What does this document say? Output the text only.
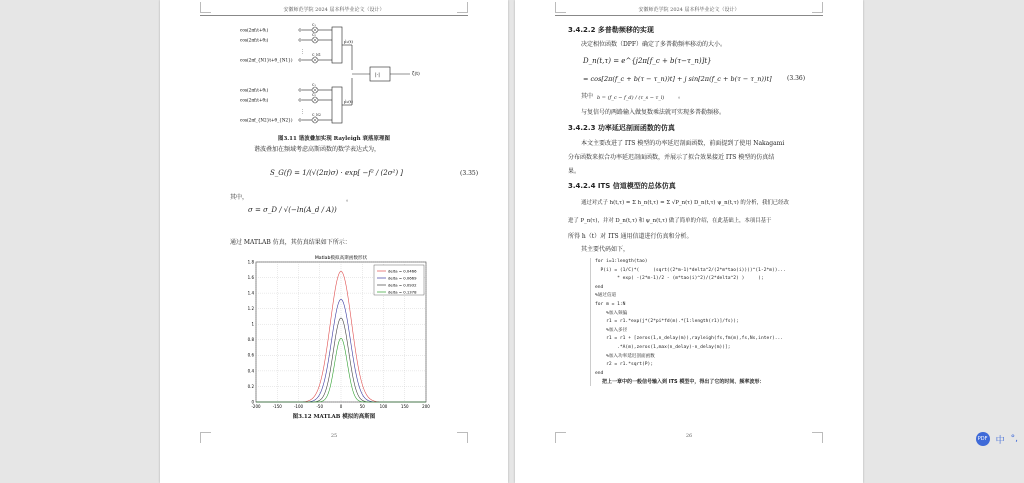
安徽师范学院 2024 届本科毕业论文（设计）
cos(2πf₁t+θ₁)
C₁
cos(2πf₂t+θ₂)
C₂
cos(2πf_{N1}t+θ_{N1})
C_N1
⋮
μ̂₁(t)
cos(2πf₁t+θ₁)
C₁
cos(2πf₂t+θ₂)
C₂
cos(2πf_{N2}t+θ_{N2})
C_N2
⋮
μ̂₂(t)
|·|	ζ̂(t)
图3.11 谐波叠加实现 Rayleigh 衰落原理图
谐波叠加在频域考虑高斯函数的数学表达式为，
S_G(f) = 1/(√(2π)σ) · exp[ −f² / (2σ²) ]	(3.35)
其中，
σ = σ_D / √(−ln(A_d / A))
。
通过 MATLAB 仿真，其仿真结果如下所示：
Matlab模拟高斯函数形状
-200	-150	-100	-50	0	50	100	150	200
0
0.2
0.4
0.6
0.8
1
1.2
1.4
1.6
1.8
delta = 0.0466
delta = 0.0669
delta = 0.0932
delta = 0.1378
图3.12 MATLAB 模拟的高斯图
25
安徽师范学院 2024 届本科毕业论文（设计）
3.4.2.2 多普勒频移的实现
决定相位函数（DPF）确定了多普勒频率移动的大小。
D_n(t,τ) = e^{j2π[f_c + b(τ−τ_n)]t}
= cos[2π(f_c + b(τ − τ_n))t] + j sin[2π(f_c + b(τ − τ_n))t]	(3.36)
其中 b = (f_c − f_d) / (τ_s − τ_l) 。
与复信号的两路输入做复数乘法就可实现多普勒频移。
3.4.2.3 功率延迟剖面函数的仿真
本文主要改进了 ITS 模型的功率延迟剖面函数，前面提到了使用 Nakagami
分布函数来拟合功率延迟剖面函数，并展示了拟合效果接近 ITS 模型的仿真结
果。
3.4.2.4 ITS 信道模型的总体仿真
通过对式子 h(t,τ) = Σ h_n(t,τ) = Σ √P_n(τ) D_n(t,τ) ψ_n(t,τ) 的分析，我们已经改
进了 P_n(τ)，并对 D_n(t,τ) 和 ψ_n(t,τ) 做了简单的介绍，在此基础上，本项目基于
所得 h（t）对 ITS 通用信道进行仿真和分析。
其主要代码如下，
for i=1:length(tao)
P(i) = (1/C)*(     (sqrt((2*m-1)*delta^2/(2*m*tao(i))))^(1-2*m))...
* exp( -(2*m-1)/2 - (m*tao(i)^2)/(2*delta^2) )     );
end
%通过信道
for m = 1:N
%加入频偏
r1 = r1.*exp(j*(2*pi*fd(m).*[1:length(r1)]/fs));
%加入多径
r1 = r1 + [zeros(1,n_delay(m)),rayleigh(fs,fm(m),fs,Ns,inter)...
.*A(m),zeros(1,max(n_delay)-n_delay(m))];
%加入功率延迟剖面函数
r2 = r1.*sqrt(P);
end
把上一章中的一般信号输入到 ITS 模型中，得出了它的时间、频率波形：
26	PDF 中 °,
